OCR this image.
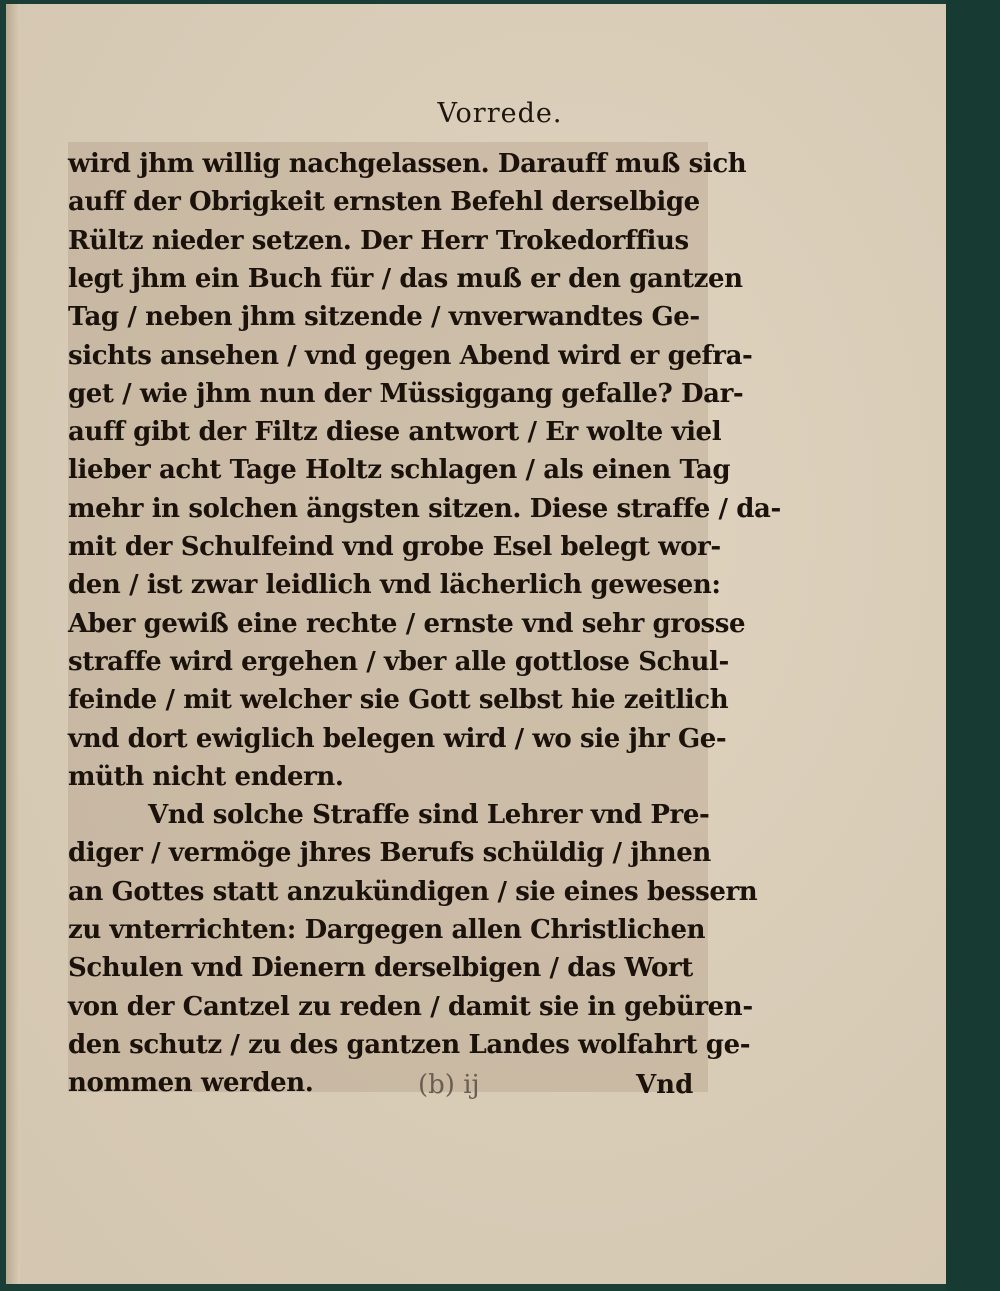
Vorrede.
wird jhm willig nachgelassen. Darauff muß sich
auff der Obrigkeit ernsten Befehl derselbige
Rültz nieder setzen. Der Herr Trokedorffius
legt jhm ein Buch für / das muß er den gantzen
Tag / neben jhm sitzende / vnverwandtes Ge-
sichts ansehen / vnd gegen Abend wird er gefra-
get / wie jhm nun der Müssiggang gefalle? Dar-
auff gibt der Filtz diese antwort / Er wolte viel
lieber acht Tage Holtz schlagen / als einen Tag
mehr in solchen ängsten sitzen. Diese straffe / da-
mit der Schulfeind vnd grobe Esel belegt wor-
den / ist zwar leidlich vnd lächerlich gewesen:
Aber gewiß eine rechte / ernste vnd sehr grosse
straffe wird ergehen / vber alle gottlose Schul-
feinde / mit welcher sie Gott selbst hie zeitlich
vnd dort ewiglich belegen wird / wo sie jhr Ge-
müth nicht endern.
Vnd solche Straffe sind Lehrer vnd Pre-
diger / vermöge jhres Berufs schüldig / jhnen
an Gottes statt anzukündigen / sie eines bessern
zu vnterrichten: Dargegen allen Christlichen
Schulen vnd Dienern derselbigen / das Wort
von der Cantzel zu reden / damit sie in gebüren-
den schutz / zu des gantzen Landes wolfahrt ge-
nommen werden.	(b) ij	Vnd
